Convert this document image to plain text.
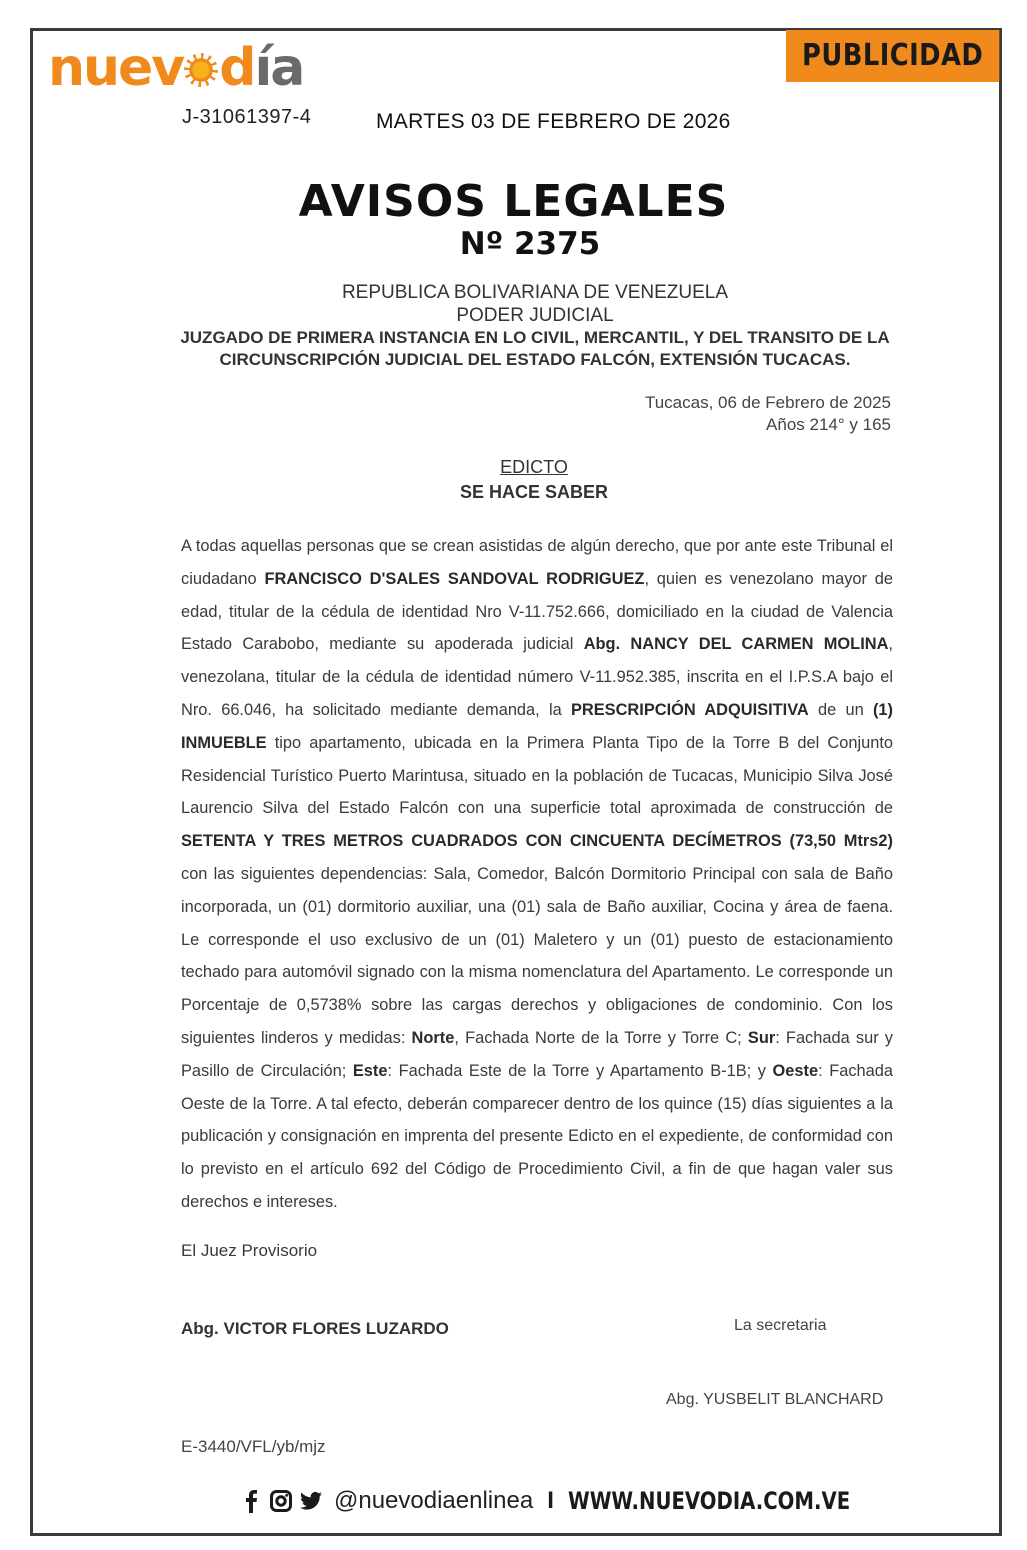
nuev día
J-31061397-4	MARTES 03 DE FEBRERO DE 2026
PUBLICIDAD
AVISOS LEGALES
Nº 2375
REPUBLICA BOLIVARIANA DE VENEZUELA
PODER JUDICIAL
JUZGADO DE PRIMERA INSTANCIA EN LO CIVIL, MERCANTIL, Y DEL TRANSITO DE LA
CIRCUNSCRIPCIÓN JUDICIAL DEL ESTADO FALCÓN, EXTENSIÓN TUCACAS.
Tucacas, 06 de Febrero de 2025
Años 214° y 165
EDICTO
SE HACE SABER
A todas aquellas personas que se crean asistidas de algún derecho, que por ante este Tribunal el ciudadano FRANCISCO D'SALES SANDOVAL RODRIGUEZ, quien es venezolano mayor de edad, titular de la cédula de identidad Nro V-11.752.666, domiciliado en la ciudad de Valencia Estado Carabobo, mediante su apoderada judicial Abg. NANCY DEL CARMEN MOLINA, venezolana, titular de la cédula de identidad número V-11.952.385, inscrita en el I.P.S.A bajo el Nro. 66.046, ha solicitado mediante demanda, la PRESCRIPCIÓN ADQUISITIVA de un (1) INMUEBLE tipo apartamento, ubicada en la Primera Planta Tipo de la Torre B del Conjunto Residencial Turístico Puerto Marintusa, situado en la población de Tucacas, Municipio Silva José Laurencio Silva del Estado Falcón con una superficie total aproximada de construcción de SETENTA Y TRES METROS CUADRADOS CON CINCUENTA DECÍMETROS (73,50 Mtrs2) con las siguientes dependencias: Sala, Comedor, Balcón Dormitorio Principal con sala de Baño incorporada, un (01) dormitorio auxiliar, una (01) sala de Baño auxiliar, Cocina y área de faena. Le corresponde el uso exclusivo de un (01) Maletero y un (01) puesto de estacionamiento techado para automóvil signado con la misma nomenclatura del Apartamento. Le corresponde un Porcentaje de 0,5738% sobre las cargas derechos y obligaciones de condominio. Con los siguientes linderos y medidas: Norte, Fachada Norte de la Torre y Torre C; Sur: Fachada sur y Pasillo de Circulación; Este: Fachada Este de la Torre y Apartamento B-1B; y Oeste: Fachada Oeste de la Torre. A tal efecto, deberán comparecer dentro de los quince (15) días siguientes a la publicación y consignación en imprenta del presente Edicto en el expediente, de conformidad con lo previsto en el artículo 692 del Código de Procedimiento Civil, a fin de que hagan valer sus derechos e intereses.
El Juez Provisorio
Abg. VICTOR FLORES LUZARDO	La secretaria
Abg. YUSBELIT BLANCHARD
E-3440/VFL/yb/mjz
@nuevodiaenlinea I WWW.NUEVODIA.COM.VE
